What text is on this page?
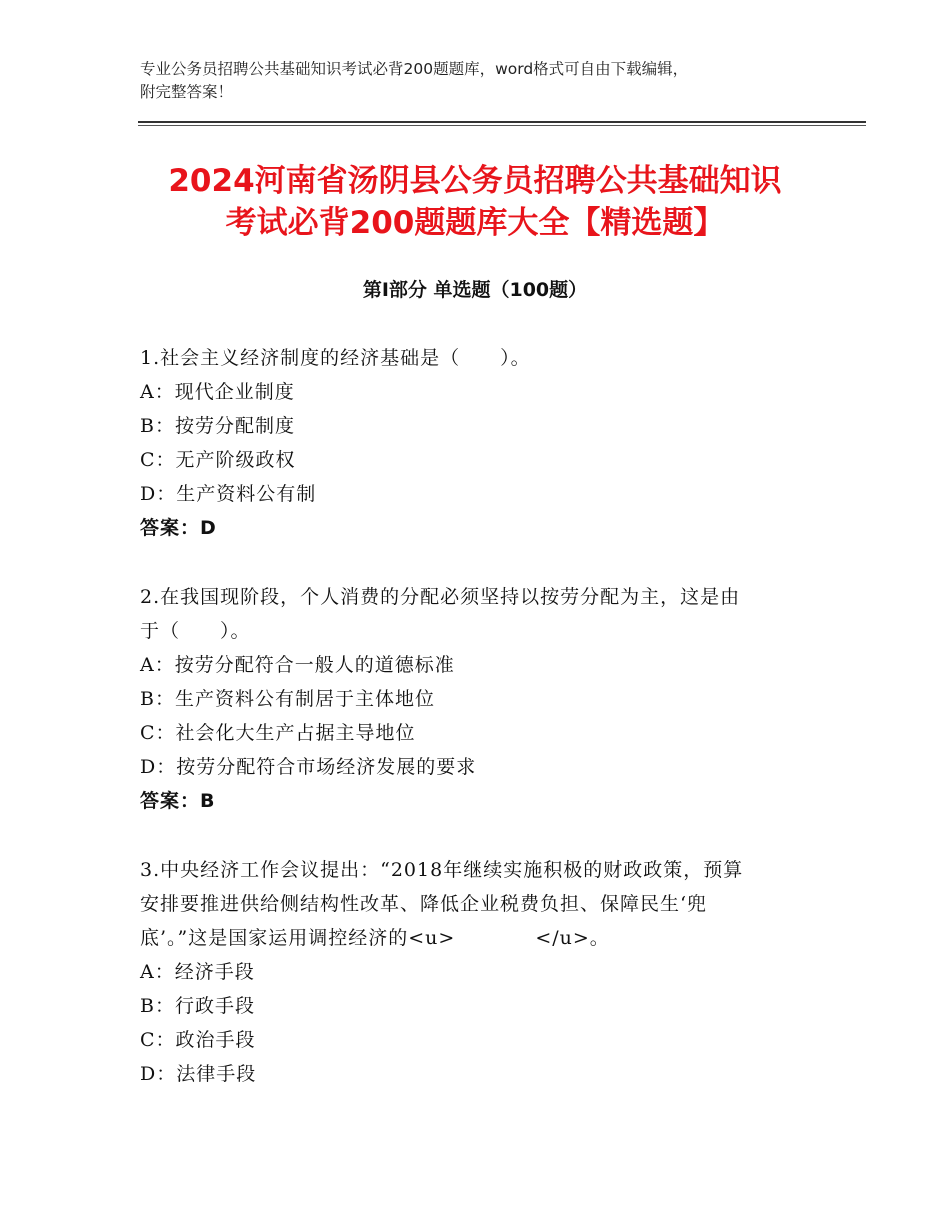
专业公务员招聘公共基础知识考试必背200题题库，word格式可自由下载编辑，
附完整答案！
2024河南省汤阴县公务员招聘公共基础知识
考试必背200题题库大全【精选题】
第Ⅰ部分 单选题（100题）
1.社会主义经济制度的经济基础是（　　）。
A：现代企业制度
B：按劳分配制度
C：无产阶级政权
D：生产资料公有制
答案：D
2.在我国现阶段，个人消费的分配必须坚持以按劳分配为主，这是由
于（　　）。
A：按劳分配符合一般人的道德标准
B：生产资料公有制居于主体地位
C：社会化大生产占据主导地位
D：按劳分配符合市场经济发展的要求
答案：B
3.中央经济工作会议提出：“2018年继续实施积极的财政政策，预算
安排要推进供给侧结构性改革、降低企业税费负担、保障民生‘兜
底’。”这是国家运用调控经济的<u>　　　　</u>。
A：经济手段
B：行政手段
C：政治手段
D：法律手段
